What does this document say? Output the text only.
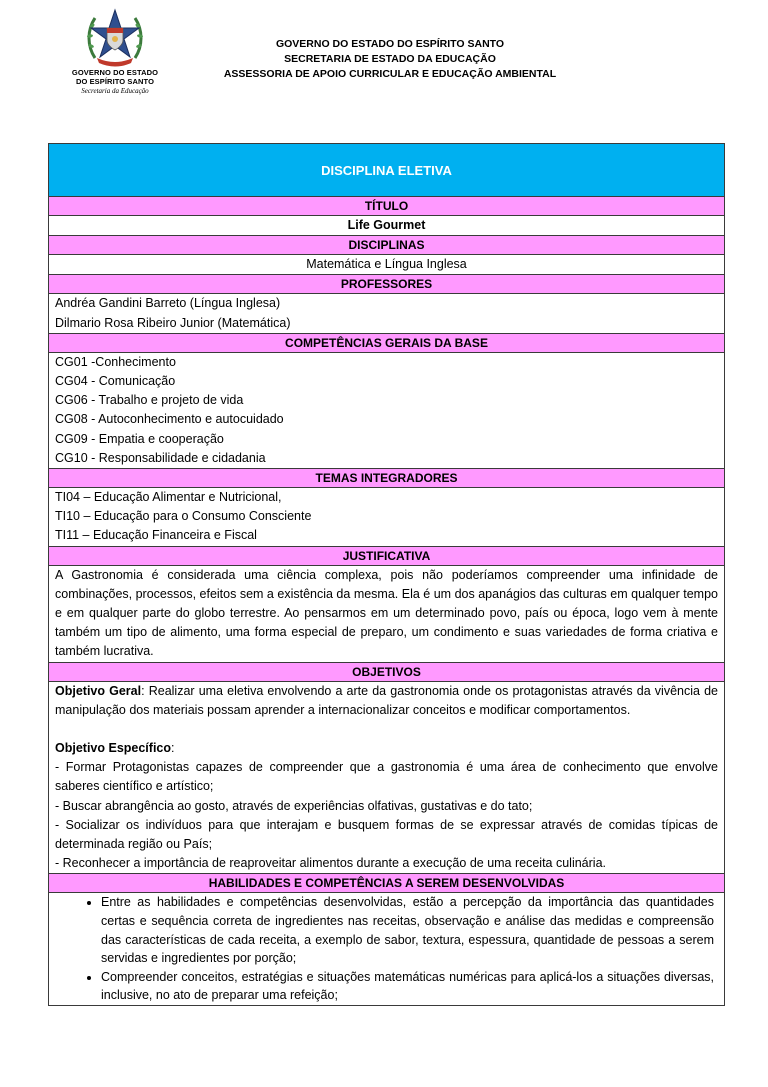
GOVERNO DO ESTADO
DO ESPÍRITO SANTO
Secretaria da Educação
GOVERNO DO ESTADO DO ESPÍRITO SANTO
SECRETARIA DE ESTADO DA EDUCAÇÃO
ASSESSORIA DE APOIO CURRICULAR E EDUCAÇÃO AMBIENTAL
DISCIPLINA ELETIVA
TÍTULO
Life Gourmet
DISCIPLINAS
Matemática e Língua Inglesa
PROFESSORES
Andréa Gandini Barreto (Língua Inglesa)
Dilmario Rosa Ribeiro Junior (Matemática)
COMPETÊNCIAS GERAIS DA BASE
CG01 -Conhecimento
CG04 - Comunicação
CG06 - Trabalho e projeto de vida
CG08 - Autoconhecimento e autocuidado
CG09 - Empatia e cooperação
CG10 - Responsabilidade e cidadania
TEMAS INTEGRADORES
TI04 – Educação Alimentar e Nutricional,
TI10 – Educação para o Consumo Consciente
TI11 – Educação Financeira e Fiscal
JUSTIFICATIVA
A Gastronomia é considerada uma ciência complexa, pois não poderíamos compreender uma infinidade de combinações, processos, efeitos sem a existência da mesma. Ela é um dos apanágios das culturas em qualquer tempo e em qualquer parte do globo terrestre. Ao pensarmos em um determinado povo, país ou época, logo vem à mente também um tipo de alimento, uma forma especial de preparo, um condimento e suas variedades de forma criativa e também lucrativa.
OBJETIVOS
Objetivo Geral: Realizar uma eletiva envolvendo a arte da gastronomia onde os protagonistas através da vivência de manipulação dos materiais possam aprender a internacionalizar conceitos e modificar comportamentos.
Objetivo Específico:
- Formar Protagonistas capazes de compreender que a gastronomia é uma área de conhecimento que envolve saberes científico e artístico;
- Buscar abrangência ao gosto, através de experiências olfativas, gustativas e do tato;
- Socializar os indivíduos para que interajam e busquem formas de se expressar através de comidas típicas de determinada região ou País;
- Reconhecer a importância de reaproveitar alimentos durante a execução de uma receita culinária.
HABILIDADES E COMPETÊNCIAS A SEREM DESENVOLVIDAS
• Entre as habilidades e competências desenvolvidas, estão a percepção da importância das quantidades certas e sequência correta de ingredientes nas receitas, observação e análise das medidas e compreensão das características de cada receita, a exemplo de sabor, textura, espessura, quantidade de pessoas a serem servidas e ingredientes por porção;
• Compreender conceitos, estratégias e situações matemáticas numéricas para aplicá-los a situações diversas, inclusive, no ato de preparar uma refeição;
